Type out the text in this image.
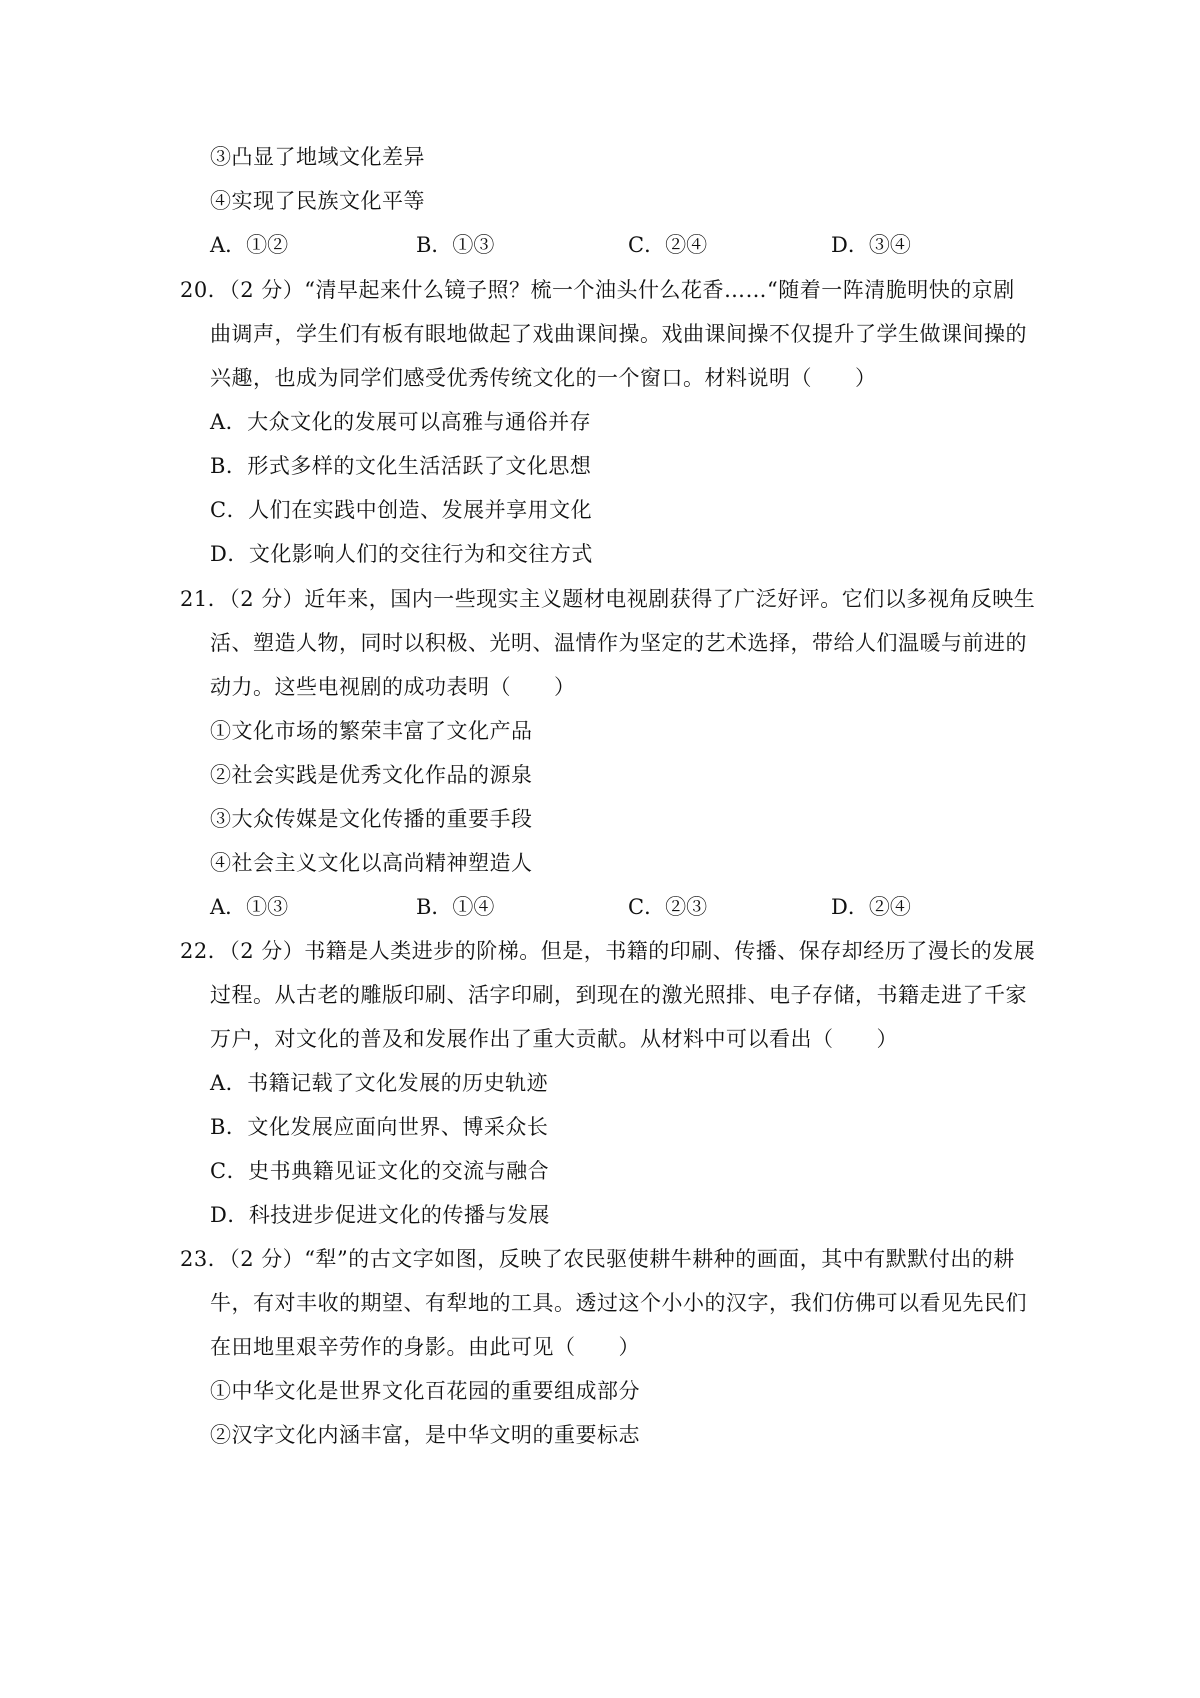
③凸显了地域文化差异
④实现了民族文化平等
A．①②	B．①③	C．②④	D．③④
20．（2 分）“清早起来什么镜子照？梳一个油头什么花香……“随着一阵清脆明快的京剧
曲调声，学生们有板有眼地做起了戏曲课间操。戏曲课间操不仅提升了学生做课间操的
兴趣，也成为同学们感受优秀传统文化的一个窗口。材料说明（　　）
A．大众文化的发展可以高雅与通俗并存
B．形式多样的文化生活活跃了文化思想
C．人们在实践中创造、发展并享用文化
D．文化影响人们的交往行为和交往方式
21．（2 分）近年来，国内一些现实主义题材电视剧获得了广泛好评。它们以多视角反映生
活、塑造人物，同时以积极、光明、温情作为坚定的艺术选择，带给人们温暖与前进的
动力。这些电视剧的成功表明（　　）
①文化市场的繁荣丰富了文化产品
②社会实践是优秀文化作品的源泉
③大众传媒是文化传播的重要手段
④社会主义文化以高尚精神塑造人
A．①③	B．①④	C．②③	D．②④
22．（2 分）书籍是人类进步的阶梯。但是，书籍的印刷、传播、保存却经历了漫长的发展
过程。从古老的雕版印刷、活字印刷，到现在的激光照排、电子存储，书籍走进了千家
万户，对文化的普及和发展作出了重大贡献。从材料中可以看出（　　）
A．书籍记载了文化发展的历史轨迹
B．文化发展应面向世界、博采众长
C．史书典籍见证文化的交流与融合
D．科技进步促进文化的传播与发展
23．（2 分）“犁”的古文字如图，反映了农民驱使耕牛耕种的画面，其中有默默付出的耕
牛，有对丰收的期望、有犁地的工具。透过这个小小的汉字，我们仿佛可以看见先民们
在田地里艰辛劳作的身影。由此可见（　　）
①中华文化是世界文化百花园的重要组成部分
②汉字文化内涵丰富，是中华文明的重要标志
